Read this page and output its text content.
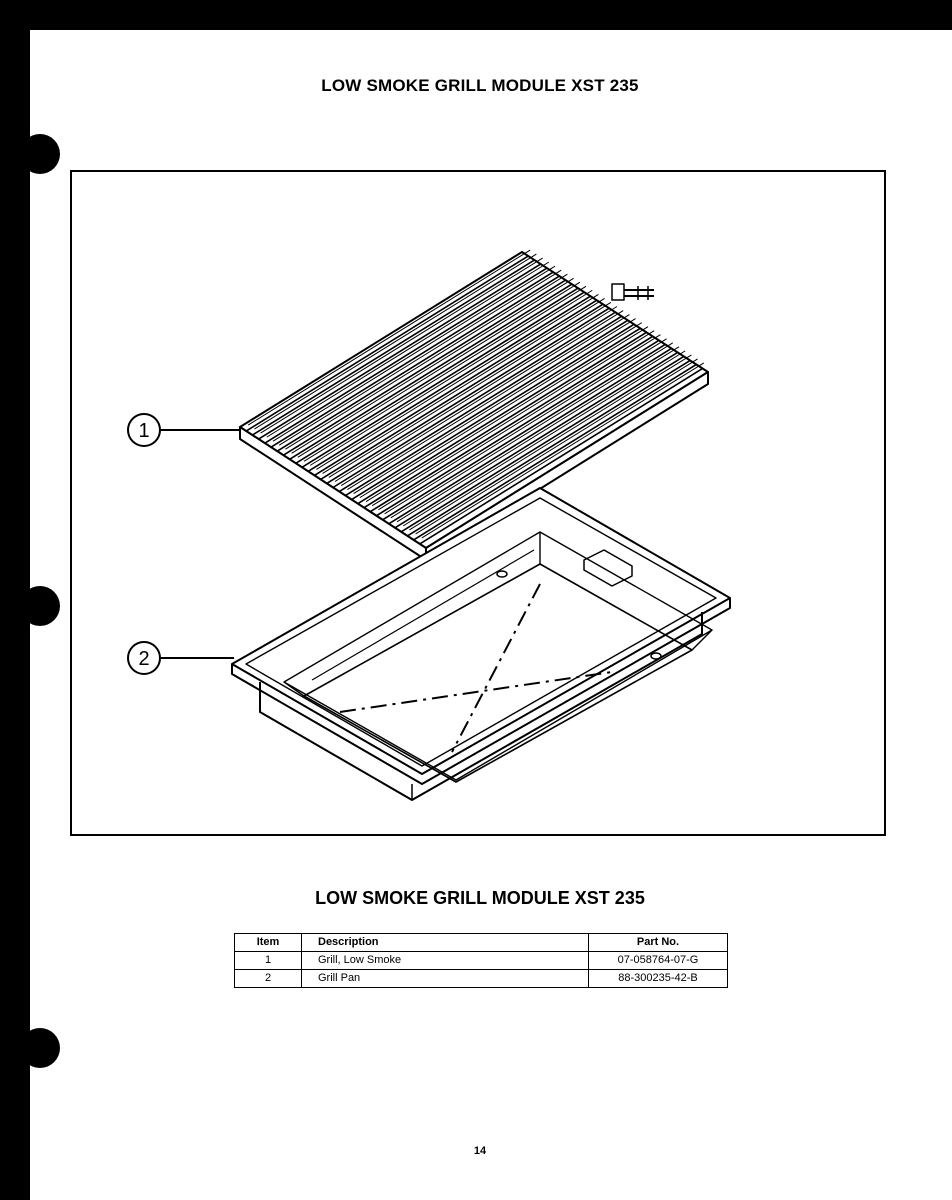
LOW SMOKE GRILL MODULE XST 235
1
2
LOW SMOKE GRILL MODULE XST 235
Item	Description	Part No.
1	Grill, Low Smoke	07-058764-07-G
2	Grill Pan	88-300235-42-B
14
